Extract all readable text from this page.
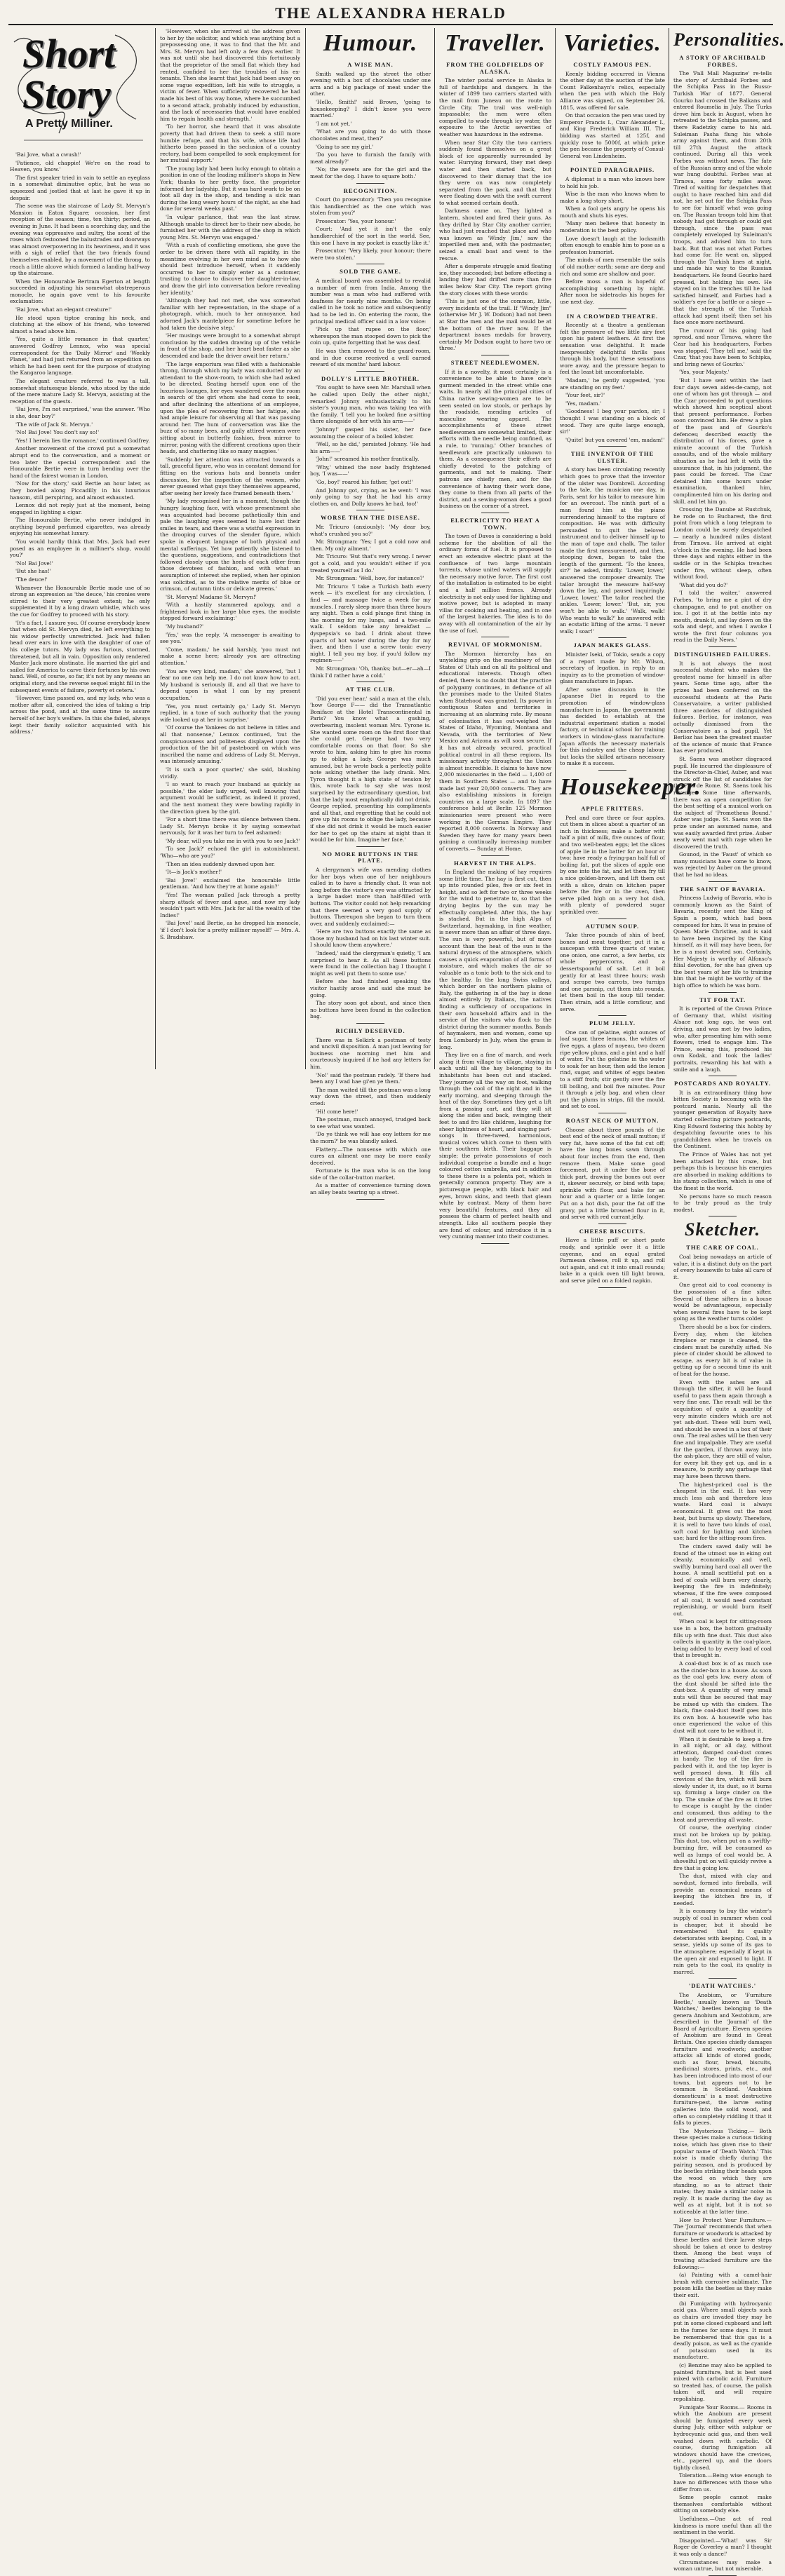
THE ALEXANDRA HERALD
Short Story
A Pretty Milliner.

'Bai Jove, what a cwush!'

'Patience, old chappie! We're on the road to Heaven, you know.'

The first speaker tried in vain to settle an eyeglass in a somewhat diminutive optic, but he was so squeezed and jostled that at last he gave it up in despair.

The scene was the staircase of Lady St. Mervyn's Mansion in Eaton Square; occasion, her first reception of the season; time, ten thirty; period, an evening in June. It had been a scorching day, and the evening was oppressive and sultry, the scent of the roses which festooned the balustrades and doorways was almost overpowering in its heaviness, and it was with a sigh of relief that the two friends found themselves enabled, by a movement of the throng, to reach a little alcove which formed a landing half-way up the staircase.

When the Honourable Bertram Egerton at length succeeded in adjusting his somewhat obstreperous monocle, he again gave vent to his favourite exclamation:

'Bai Jove, what an elegant creature!'

He stood upon tiptoe craning his neck, and clutching at the elbow of his friend, who towered almost a head above him.

'Yes, quite a little romance in that quarter,' answered Godfrey Lennox, who was special correspondent for the 'Daily Mirror' and 'Weekly Planet,' and had just returned from an expedition on which he had been sent for the purpose of studying the Kangaroo language.

The elegant creature referred to was a tall, somewhat statuesque blonde, who stood by the side of the mere mature Lady St. Mervyn, assisting at the reception of the guests.

'Bai Jove, I'm not surprised,' was the answer. 'Who is she, dear boy?'

'The wife of Jack St. Mervyn.'

'No! Bai Jove! You don't say so!'

'Yes! I herein lies the romance,' continued Godfrey.

Another movement of the crowd put a somewhat abrupt end to the conversation, and a moment or two later the special correspondent and the Honourable Bertie were in turn bending over the hand of the fairest woman in London.

'Now for the story,' said Bertie an hour later, as they bowled along Piccadilly in his luxurious hansom, still perspiring, and almost exhausted.

Lennox did not reply just at the moment, being engaged in lighting a cigar.

The Honourable Bertie, who never indulged in anything beyond perfumed cigarettes, was already enjoying his somewhat luxury.

'You would hardly think that Mrs. Jack had ever posed as an employee in a milliner's shop, would you?'

'No! Bai Jove!'

'But she has!'

'The deuce!'

Whenever the Honourable Bertie made use of so strong an expression as 'the deuce,' his cronies were stirred to their very greatest extent; he only supplemented it by a long drawn whistle, which was the cue for Godfrey to proceed with his story.

'It's a fact, I assure you. Of course everybody knew that when old St. Mervyn died, he left everything to his widow perfectly unrestricted. Jack had fallen head over ears in love with the daughter of one of his college tutors. My lady was furious, stormed, threatened, but all in vain. Opposition only rendered Master Jack more obstinate. He married the girl and sailed for America to carve their fortunes by his own hand. Well, of course, so far, it's not by any means an original story, and the reverse sequel might fill in the subsequent events of failure, poverty et cetera.'

'However, time passed on, and my lady, who was a mother after all, conceived the idea of taking a trip across the pond, and at the same time to assure herself of her boy's welfare. In this she failed, always kept their family solicitor acquainted with his address.'

'However, when she arrived at the address given to her by the solicitor, and which was anything but a prepossessing one, it was to find that the Mr. and Mrs. St. Mervyn had left only a few days earlier. It was not until she had discovered this fortuitously that the proprietor of the small flat which they had rented, confided to her the troubles of his ex-tenants. Then she learnt that Jack had been away on some vague expedition, left his wife to struggle, a victim of fever. When sufficiently recovered he had made his best of his way home, where he succumbed to a second attack, probably induced by exhaustion, and the lack of necessaries that would have enabled him to regain health and strength.'

'To her horror, she heard that it was absolute poverty that had driven them to seek a still more humble refuge, and that his wife, whose life had hitherto been passed in the seclusion of a country rectory, had been compelled to seek employment for her mutual support.'

'The young lady had been lucky enough to obtain a position in one of the leading milliner's shops in New York; thanks to her pretty face, the proprietor informed her ladyship. But it was hard work to be on foot all day in the shop, and tending a sick man during the long weary hours of the night, as she had done for several weeks past.'

'In vulgar parlance, that was the last straw. Although unable to direct her to their new abode, he furnished her with the address of the shop in which young Mrs. St. Mervyn was engaged.'

'With a rush of conflicting emotions, she gave the order to be driven there with all rapidity, in the meantime evolving in her own mind as to how she should best introduce herself, when it suddenly occurred to her to simply enter as a customer, trusting to chance to discover her daughter-in-law, and draw the girl into conversation before revealing her identity.'

'Although they had not met, she was somewhat familiar with her representation, in the shape of a photograph, which, much to her annoyance, had adorned Jack's mantelpiece for sometime before he had taken the decisive step.'

'Her musings were brought to a somewhat abrupt conclusion by the sudden drawing up of the vehicle in front of the shop, and her heart beat faster as she descended and bade the driver await her return.'

'The large emporium was filled with a fashionable throng, through which my lady was conducted by an attendant to the show-room, to which she had asked to be directed. Seating herself upon one of the luxurious lounges, her eyes wandered over the room in search of the girl whom she had come to seek, and after declining the attentions of an employee, upon the plea of recovering from her fatigue, she had ample leisure for observing all that was passing around her. The hum of conversation was like the buzz of so many bees, and gaily attired women were sitting about in butterfly fashion, from mirror to mirror, posing with the different creations upon their heads, and chattering like so many magpies.'

'Suddenly her attention was attracted towards a tall, graceful figure, who was in constant demand for fitting on the various hats and bonnets under discussion, for the inspection of the women, who never guessed what guys they themselves appeared, after seeing her lovely face framed beneath them.'

'My lady recognised her in a moment, though the hungry laughing face, with whose presentment she was acquainted had become pathetically thin and pale the laughing eyes seemed to have lost their smiles in tears, and there was a wistful expression in the drooping curves of the slender figure, which spoke in eloquent language of both physical and mental sufferings. Yet how patiently she listened to the questions, suggestions, and contradictions that followed closely upon the heels of each other from those devotees of fashion, and with what an assumption of interest she replied, when her opinion was solicited, as to the relative merits of blue or crimson, of autumn tints or delicate greens.'

'St. Mervyn! Madame St. Mervyn!'

'With a hastily stammered apology, and a frightened look in her large blue eyes, the modiste stepped forward exclaiming:'

'My husband?'

'Yes,' was the reply. 'A messenger is awaiting to see you.'

'Come, madam,' he said harshly, 'you must not make a scene here; already you are attracting attention.'

'You are very kind, madam,' she answered, 'but I fear no one can help me. I do not know how to act. My husband is seriously ill, and all that we have to depend upon is what I can by my present occupation.'

'Yes, you must certainly go,' Lady St. Mervyn replied, in a tone of such authority that the young wife looked up at her in surprise.'

'Of course the Yankees do not believe in titles and all that nonsense,' Lennox continued, 'but the conspicuousness and politeness displayed upon the production of the bit of pasteboard on which was inscribed the name and address of Lady St. Mervyn, was intensely amusing.'

'It is such a poor quarter,' she said, blushing vividly.

'I so want to reach your husband as quickly as possible,' the elder lady urged, well knowing that argument would be sufficient, as indeed it proved, and the next moment they were bowling rapidly in the direction given by the girl.

'For a short time there was silence between them. Lady St. Mervyn broke it by saying somewhat nervously, for it was her turn to feel ashamed:

'My dear, will you take me in with you to see Jack?'

'To see Jack?' echoed the girl in astonishment. 'Who—who are you?'

'Then an idea suddenly dawned upon her.

'It—is Jack's mother!'

'Bai Jove!' exclaimed the honourable little gentleman. 'And how they're at home again?'

'Yes! The woman pulled Jack through a pretty sharp attack of fever and ague, and now my lady wouldn't part with Mrs. Jack for all the wealth of the Indies!'

'Bai Jove!' said Bertie, as he dropped his monocle, 'if I don't look for a pretty milliner myself!' — Mrs. A. S. Bradshaw.

Humour.
A WISE MAN.

Smith walked up the street the other evening with a box of chocolates under one arm and a big package of meat under the other.

'Hello, Smith!' said Brown, 'going to housekeeping? I didn't know you were married.'

'I am not yet.'

'What are you going to do with those chocolates and meat, then?'

'Going to see my girl.'

'Do you have to furnish the family with meat already?'

'No; the sweets are for the girl and the meat for the dog. I have to square both.'

RECOGNITION.

Court (to prosecutor): 'Then you recognise this handkerchief as the one which was stolen from you?'

Prosecutor: 'Yes, your honour.'

Court: 'And yet it isn't the only handkerchief of the sort in the world. See, this one I have in my pocket is exactly like it.'

Prosecutor: 'Very likely, your honour; there were two stolen.'

SOLD THE GAME.

A medical board was assembled to revalid a number of men from India. Among the number was a man who had suffered with deafness for nearly nine months. On being called in he took no notice and subsequently had to be led in. On entering the room, the principal medical officer said in a low voice:

'Pick up that rupee on the floor,' whereupon the man stooped down to pick the coin up, quite forgetting that he was deaf.

He was then removed to the guard-room, and in due course received a well earned reward of six months' hard labour.

DOLLY'S LITTLE BROTHER.

'You ought to have seen Mr. Marshall when he called upon Dolly the other night,' remarked Johnny enthusiastically to his sister's young man, who was taking tea with the family. 'I tell you he looked fine a-sitting there alongside of her with his arm——'

'Johnny!' gasped his sister, her face assuming the colour of a boiled lobster.

'Well, so he did,' persisted Johnny. 'He had his arm——'

'John!' screamed his mother frantically.

'Why,' whined the now badly frightened boy, 'I was——'

'Go, boy!' roared his father, 'get out!'

And Johnny got, crying, as he went: 'I was only going to say that he had his army clothes on, and Dolly knows he had, too!'

WORSE THAN THE DISEASE.

Mr. Tricuro (anxiously): 'My dear boy, what's crushed you so?'

Mr. Strongman: 'Yes; I got a cold now and then. My only ailment.'

Mr. Tricuro: 'But that's very wrong. I never got a cold, and you wouldn't either if you treated yourself as I do.'

Mr. Strongman: 'Well, how, for instance?'

Mr. Tricuro: 'I take a Turkish bath every week — it's excellent for any circulation, I find — and massage twice a week for my muscles. I rarely sleep more than three hours any night. Then a cold plunge first thing in the morning for my lungs, and a two-mile walk. I seldom take any breakfast — dyspepsia's so bad. I drink about three quarts of hot water during the day for my liver, and then I use a screw tonic every night. I tell you my boy, if you'd follow my regimen——'

Mr. Strongman: 'Oh, thanks; but—er—ah—I think I'd rather have a cold.'

AT THE CLUB.

'Did you ever hear,' said a man at the club, 'how George F—— did the Transatlantic Boniface at the Hotel Transcontinental in Paris? You know what a gushing, overbearing, insolent woman Mrs. Tyrone is. She wanted some room on the first floor that she could get. George had two very comfortable rooms on that floor. So she wrote to him, asking him to give his rooms up to oblige a lady. George was much amused, but he wrote back a perfectly polite note asking whether the lady drank. Mrs. Tyron thought it a high state of tension by this, wrote back to say she was most surprised by the extraordinary question, but that the lady most emphatically did not drink. George replied, presenting his compliments and all that, and regretting that he could not give up his rooms to oblige the lady, because if she did not drink it would be much easier for her to get up the stairs at night than it would be for him. Imagine her face.'

NO MORE BUTTONS IN THE PLATE.

A clergyman's wife was mending clothes for her boys when one of her neighbours called in to have a friendly chat. It was not long before the visitor's eye was attracted by a large basket more than half-filled with buttons. The visitor could not help remarking that there seemed a very good supply of buttons. Thereupon she began to turn them over, and suddenly exclaimed:—

'Here are two buttons exactly the same as those my husband had on his last winter suit. I should know them anywhere.'

'Indeed,' said the clergyman's quietly, 'I am surprised to hear it. As all these buttons were found in the collection bag I thought I might as well put them to some use.'

Before she had finished speaking the visitor hastily arose and said she must be going.

The story soon got about, and since then no buttons have been found in the collection bag.

RICHLY DESERVED.

There was in Selkirk a postman of testy and uncivil disposition. A man just leaving for business one morning met him and courteously inquired if he had any letters for him.

'No!' said the postman rudely. 'If there had been any I wad hae gi'en ye them.'

The man waited till the postman was a long way down the street, and then suddenly cried:

'Hi! come here!'

The postman, much annoyed, trudged back to see what was wanted.

'Do ye think we will hae ony letters for me the morn?' he was blandly asked.

Flattery.—The nonsense with which one cures an ailment one may be more easily deceived.

Fortunate is the man who is on the long side of the collar-button market.

As a matter of convenience turning down an alley beats tearing up a street.

Traveller.
FROM THE GOLDFIELDS OF ALASKA.

The winter postal service in Alaska is full of hardships and dangers. In the winter of 1899 two carriers started with the mail from Juneau on the route to Circle City. The trail was well-nigh impassable; the men were often compelled to wade through icy water, the exposure to the Arctic severities of weather was hazardous in the extreme.

When near Star City the two carriers suddenly found themselves on a great block of ice apparently surrounded by water. Hurrying forward, they met deep water and then started back, but discovered to their dismay that the ice they were on was now completely separated from the pack, and that they were floating down with the swift current to what seemed certain death.

Darkness came on. They lighted a lantern, shouted and fired their guns. As they drifted by Star City another carrier, who had just reached that place and who was known as 'Windy Jim,' saw the imperilled men and, with the postmaster, seized a small boat and went to the rescue.

After a desperate struggle amid floating ice, they succeeded; but before effecting a landing they had drifted more than five miles below Star City. The report giving the story closes with these words:

'This is just one of the common, little, every incidents of the trail. If "Windy Jim" (otherwise Mr J. W. Dodson) had not been at Star the men and the mail would be at the bottom of the river now. If the department issues medals for bravery, certainly Mr Dodson ought to have two or three.'

STREET NEEDLEWOMEN.

If it is a novelty, it most certainly is a convenience to be able to have one's garment mended in the street while one waits. In nearly all the principal cities of China native sewing-women are to be seen seated on low stools, or perhaps by the roadside, mending articles of masculine wearing apparel. The accomplishments of these street needlewomen are somewhat limited, their efforts with the needle being confined, as a rule, to 'running.' Other branches of needlework are practically unknown to them. As a consequence their efforts are chiefly devoted to the patching of garments, and not to making. Their patrons are chiefly men, and for the convenience of having their work done, they come to them from all parts of the district, and a sewing-woman does a good business on the corner of a street.

ELECTRICITY TO HEAT A TOWN.

The town of Davos is considering a bold scheme for the abolition of all the ordinary forms of fuel. It is proposed to erect an extensive electric plant at the confluence of two large mountain torrents, whose united waters will supply the necessary motive force. The first cost of the installation is estimated to be eight and a half million francs. Already electricity is not only used for lighting and motive power, but is adopted in many villas for cooking and heating, and in one of the largest bakeries. The idea is to do away with all contamination of the air by the use of fuel.

REVIVAL OF MORMONISM.

The Mormon hierarchy has an unyielding grip on the machinery of the States of Utah and on all its political and educational interests. Though often denied, there is no doubt that the practice of polygamy continues, in defiance of all the promises made to the United States when Statehood was granted. Its power in contiguous States and territories is increasing at an alarming rate. By means of colonisation it has out-weighed the States of Idaho, Wyoming, Montana and Nevada, with the territories of New Mexico and Arizona as will soon secure. If it has not already secured, practical political control in all these regions. Its missionary activity throughout the Union is almost incredible. It claims to have now 2,000 missionaries in the field — 1,400 of them in Southern States — and to have made last year 20,000 converts. They are also establishing missions in foreign countries on a large scale. In 1897 the conference held at Berlin 125 Mormon missionaries were present who were working in the German Empire. They reported 8,000 converts. In Norway and Sweden they have for many years been gaining a continually increasing number of converts.— Sunday at Home.

HARVEST IN THE ALPS.

In England the making of hay requires some little time. The hay is first cut, then up into rounded piles, five or six feet in height, and so left for two or three weeks for the wind to penetrate to, so that the drying begins by the sun may be effectually completed. After this, the hay is stacked. But in the high Alps of Switzerland, haymaking, in fine weather, is never more than an affair of three days. The sun is very powerful, but of more account than the heat of the sun is the natural dryness of the atmosphere, which causes a quick evaporation of all forms of moisture, and which makes the air so valuable as a tonic both to the sick and to the healthy. In the long Swiss valleys, which border on the northern plains of Italy, the gathering in of the hay is done almost entirely by Italians, the natives finding a sufficiency of occupations in their own household affairs and in the service of the visitors who flock to the district during the summer months. Bands of haymakers, men and women, come up from Lombardy in July, when the grass is long.

They live on a fine of march, and work along it from village to village, staying in each until all the hay belonging to its inhabitants has been cut and stacked. They journey all the way on foot, walking through the cool of the night and in the early morning, and sleeping through the heat of the day. Sometimes they get a lift from a passing cart, and they will sit along the sides and back, swinging their feet to and fro like children, laughing for sheer lightness of heart, and singing part-songs in three-tweed, harmonious, musical voices which come to them with their southern birth. Their baggage is simple; the private possessions of each individual comprise a bundle and a huge coloured cotton umbrella, and in addition to these there is a polenta pot, which is generally common property. They are a picturesque people, with black hair and eyes, brown skins, and teeth that gleam white by contrast. Many of them have very beautiful features, and they all possess the charm of perfect health and strength. Like all southern people they are fond of colour, and introduce it in a very cunning manner into their costumes.

Varieties.
COSTLY FAMOUS PEN.

Keenly bidding occurred in Vienna the other day at the auction of the late Count Falkenhayn's relics, especially when the pen with which the Holy Alliance was signed, on September 26, 1815, was offered for sale.

On that occasion the pen was used by Emperor Francis I., Czar Alexander I., and King Frederick William III. The bidding was started at 125f, and quickly rose to 5000f, at which price the pen became the property of Consul-General von Lindenheim.

POINTED PARAGRAPHS.

A diplomat is a man who knows how to hold his job.

Wise is the man who knows when to make a long story short.

When a fool gets angry he opens his mouth and shuts his eyes.

'Many men believe that honesty in moderation is the best policy.

Love doesn't laugh at the locksmith often enough to enable him to pose as a profession humorist.

The minds of men resemble the soils of old mother earth; some are deep and rich and some are shallow and poor.

Before moss a man is hopeful of accomplishing something by night. After noon he sidetracks his hopes for use next day.

IN A CROWDED THEATRE.

Recently at a theatre a gentleman felt the pressure of two little airy feet upon his patent leathers. At first the sensation was delightful. It made inexpressibly delightful thrills pass through his body, but these sensations wore away, and the pressure began to feel the least bit uncomfortable.

'Madam,' he gently suggested, 'you are standing on my feet.'

'Your feet, sir?'

'Yes, madam.'

'Goodness! I beg your pardon, sir; I thought I was standing on a block of wood. They are quite large enough, sir!'

'Quite! but you covered 'em, madam!'

THE INVENTOR OF THE ULSTER.

A story has been circulating recently which goes to prove that the inventor of the ulster was Dombrell. According to the tale, the musician one day, in Paris, sent for his tailor to measure him for an overcoat. The ninth part of a man found him at the piano surrendering himself to the rapture of composition. He was with difficulty persuaded to quit the beloved instrument and to deliver himself up to the man of tape and chalk. The tailor made the first measurement, and then, stooping down, began to take the length of the garment. 'To the knees, sir?' he asked, timidly. 'Lower, lower,' answered the composer dreamily. The tailor brought the measure half-way down the leg, and paused inquiringly. 'Lower, lower.' The tailor reached the ankles. 'Lower, lower.' 'But, sir, you won't be able to walk.' 'Walk, walk! Who wants to walk?' he answered with an ecstatic lifting of the arms. 'I never walk; I soar!'

JAPAN MAKES GLASS.

Minister Iseki, of Tokio, sends a copy of a report made by Mr. Wilson, secretary of legation, in reply to an inquiry as to the promotion of window-glass manufacture in Japan.

After some discussion in the Japanese Diet in regard to the promotion of window-glass manufacture in Japan, the government has decided to establish at the industrial experiment station a model factory, or technical school for training workers in window-glass manufacture. Japan affords the necessary materials for this industry and the cheap labour, but lacks the skilled artisans necessary to make it a success.

Housekeeper.
APPLE FRITTERS.

Peel and core three or four apples, cut them in slices about a quarter of an inch in thickness; make a batter with half a pint of milk, five ounces of flour, and two well-beaten eggs; let the slices of apple lie in the batter for an hour or two; have ready a frying-pan half full of boiling fat, put the slices of apple one by one into the fat, and let them fry till a nice golden-brown, and lift them out with a slice, drain on kitchen paper before the fire or in the oven, then serve piled high on a very hot dish, with plenty of powdered sugar sprinkled over.

AUTUMN SOUP.

Take three pounds of shin of beef, bones and meat together, put it in a saucepan with three quarts of water, one onion, one carrot, a few herbs, six whole peppercorns, and a dessertspoonful of salt. Let it boil gently for at least three hours; wash and scrape two carrots, two turnips and one parsnip, cut them into rounds, let them boil in the soup till tender. Then strain, add a little cornflour, and serve.

PLUM JELLY.

One can of gelatine, eight ounces of loaf sugar, three lemons, the whites of five eggs, a glass of noyeau, two dozen ripe yellow plums, and a pint and a half of water. Put the gelatine in the water to soak for an hour, then add the lemon rind, sugar, and whites of eggs beaten to a stiff froth; stir gently over the fire till boiling, and boil five minutes. Pour it through a jelly bag, and when clear put the plums in strips, fill the mould, and set to cool.

ROAST NECK OF MUTTON.

Choose about three pounds of the best end of the neck of small mutton; if very fat, have some of the fat cut off; have the long bones sawn through about four inches from the end, then remove them. Make some good forcemeat, put it under the bone of thick part, drawing the bones out over it, skewer securely, or bind with tape; sprinkle with flour, and bake for an hour and a quarter or a little longer. Put on a hot dish, pour the fat off the gravy, put a little browned flour in it, and serve with red currant jelly.

CHEESE BISCUITS.

Have a little puff or short paste ready, and sprinkle over it a little cayenne, and an equal grated Parmesan cheese, roll it up, and roll out again, and cut it into small rounds; bake in a quick oven till light brown, and serve piled on a folded napkin.

Personalities.
A STORY OF ARCHIBALD FORBES.

The 'Pall Mall Magazine' re-tells the story of Archibald Forbes and the Schipka Pass in the Russo-Turkish War of 1877. General Gourko had crossed the Balkans and entered Roumelia in July. The Turks drove him back in August, when he retreated to the Schipka passes, and there Radetzky came to his aid. Suleiman Pasha flung his whole army against them, and from 20th till 27th August the attack continued. During all this week Forbes was without news. The fate of the Russian army and of the whole war hung doubtful. Forbes was at Tirnova, some forty miles away. Tired of waiting for despatches that ought to have reached him and did not, he set out for the Schipka Pass to see for himself what was going on. The Russian troops told him that nobody had got through or could get through, since the pass was completely enveloped by Suleiman's troops, and advised him to turn back. But that was not what Forbes had come for. He went on, slipped through the Turkish lines at night, and made his way to the Russian headquarters. He found Gourko hard pressed, but holding his own. He stayed on in the trenches till he had satisfied himself, and Forbes had a soldier's eye for a battle or a siege — that the strength of the Turkish attack had spent itself; then set his face once more northward.

The rumour of his going had spread, and near Tirnova, where the Czar had his headquarters, Forbes was stopped. 'They tell me,' said the Czar, 'that you have been to Schipka, and bring news of Gourko.'

'Yes, your Majesty.'

'But I have sent within the last four days seven aides-de-camp, not one of whom has got through — and the Czar proceeded to put questions which showed him sceptical about that present performance. Forbes soon convinced him. He drew a plan of the pass and of Gourko's defences; described exactly the distribution of his forces, gave a minute account of the Turkish assaults, and of the whole military situation as he had left it with the assurance that, in his judgment, the pass could be forced. The Czar detained him some hours under examination, thanked him, complimented him on his daring and skill, and let him go.

Crossing the Danube at Rustchuk, he rode on to Bucharest, the first point from which a long telegram to London could be surely despatched — nearly a hundred miles distant from Tirnova. He arrived at eight o'clock in the evening. He had been three days and nights either in the saddle or in the Schipka trenches under fire, without sleep, often without food.

'What did you do?'

'I told the waiter,' answered Forbes, 'to bring me a pint of dry champagne, and to put another on ice. I got it at the bottle into my mouth, drank it, and lay down on the sofa and slept, and when I awoke I wrote the first four columns you read in the Daily News.'

DISTINGUISHED FAILURES.

It is not always the most successful student who makes the greatest name for himself in after years. Some time ago, after the prizes had been conferred on the successful students at the Paris Conservatoire, a writer published three anecdotes of distinguished failures. Berlioz, for instance, was actually dismissed from the Conservatoire as a bad pupil. Yet Berlioz has been the greatest master of the science of music that France has ever produced.

St. Saens was another disgraced pupil. He incurred the displeasure of the Director-in-Chief, Auber, and was struck off the list of candidates for the Prix de Rome. St. Saens took his revenge. Some time afterwards, there was an open competition for the best setting of a musical work on the subject of 'Prometheus Bound.' Auber was judge. St. Saens won the prize under an assumed name, and was easily awarded first prize. Auber nearly went mad with rage when he discovered the truth.

Gounod, in the 'Faust' of which so many musicians have come to know, was rejected by Auber on the ground that he had no ideas.

THE SAINT OF BAVARIA.

Princess Ludwig of Bavaria, who is commonly known as the Saint of Bavaria, recently sent the King of Spain a poem, which had been composed for him. It was in praise of Queen Marie Christine, and is said to have been inspired by the King himself, as it will may have been, for he is a most devoted son. Certainly, Her Majesty is worthy of Alfonso's filial devotion, for she has given up the best years of her life to training him that he might be worthy of the high office to which he was born.

TIT FOR TAT.

It is reported of the Crown Prince of Germany that, whilst visiting Alsace not long ago, he was out driving, and was met by two ladies, who, after presenting him with some flowers, tried to engage him. The Prince, seeing this, produced his own Kodak, and took the ladies' portraits, rewarding his hat with a smile and a laugh.

POSTCARDS AND ROYALTY.

It is an extraordinary thing how bitten Society is becoming with the postcard mania. Nearly all the younger generation of Royalty have started collecting picture postcards, King Edward fostering this hobby by despatching favourite ones to his grandchildren when he travels on the Continent.

The Prince of Wales has not yet been attacked by this craze, but perhaps this is because his energies are absorbed in making additions to his stamp collection, which is one of the finest in the world.

No persons have so much reason to be truly proud as the truly modest.

Sketcher.
THE CARE OF COAL.

Coal being nowadays an article of value, it is a distinct duty on the part of every housewife to take all care of it.

One great aid to coal economy is the possession of a fine sifter. Several of these sifters in a house would be advantageous, especially when several fires have to be kept going as the weather turns colder.

There should be a box for cinders. Every day, when the kitchen fireplace or range is cleaned, the cinders must be carefully sifted. No piece of cinder should be allowed to escape, as every bit is of value in getting up for a second time its unit of heat for the house.

Even with the ashes are all through the sifter, it will be found useful to pass them again through a very fine one. The result will be the acquisition of quite a quantity of very minute cinders which are not yet ash-dust. These will burn well, and should be saved in a box of their own. The real ashes will be then very fine and impalpable. They are useful for the garden, if thrown away into the ash-place, they are still of value, for every bit they get up, and in a measure, to purify any garbage that may have been thrown there.

The highest-priced coal is the cheapest in the end. It has very much less ash and therefore less waste. Hard coal is always economical. It gives out the most heat, but burns up slowly. Therefore, it is well to have two kinds of coal, soft coal for lighting and kitchen use; hard for the sitting-room fires.

The cinders saved daily will be found of the utmost use in eking out cleanly, economically and well, swiftly burning hard coal all over the house. A small scuttleful put on a bed of coals will burn very clearly, keeping the fire in indefinitely; whereas, if the fire were composed of all coal, it would need constant replenishing, or would burn itself out.

When coal is kept for sitting-room use in a box, the bottom gradually fills up with fine dust. This dust also collects in quantity in the coal-place, being added to by every load of coal that is brought in.

A coal-dust box is of as much use as the cinder-box in a house. As soon as the coal gets low, every atom of the dust should be sifted into the dust-box. A quantity of very small nuts will thus be secured that may be mixed up with the cinders. The black, fine coal-dust itself goes into its own box. A housewife who has once experienced the value of this dust will not care to be without it.

When it is desirable to keep a fire in all night, or all day, without attention, damped coal-dust comes in handy. The top of the fire is packed with it, and the top layer is well pressed down. It fills all crevices of the fire, which will burn slowly under it, its dust, so it burns up, forming a large cinder on the top. The smoke of the fire as it tries to escape is caught by the cinder and consumed, thus adding to the heat and preventing all waste.

Of course, the overlying cinder must not be broken up by poking. This dust, too, when put on a swiftly-burning fire, will be consumed as well as lumps of coal would be. A shovelful put on will quickly revive a fire that is going low.

The dust, mixed with clay and sawdust, formed into fireballs, will provide an economical means of keeping the kitchen fire in, if needed.

It is economy to buy the winter's supply of coal in summer when coal is cheaper, but it should be remembered that its quality deteriorates with keeping. Coal, in a sense, yields up some of its gas to the atmosphere; especially if kept in the open air and exposed to light. If rain gets to the coal, its quality is marred.

'DEATH WATCHES.'

The Anobium, or 'Furniture Beetle,' usually known as 'Death Watches,' beetles belonging to the genera Anobium and Xestobium, are described in the 'Journal' of the Board of Agriculture. Eleven species of Anobium are found in Great Britain. One species chiefly damages furniture and woodwork; another attacks all kinds of stored goods, such as flour, bread, biscuits, medicinal stores, prints, etc., and has been introduced into most of our towns, but appears not to be common in Scotland. 'Anobium domesticum' is a most destructive furniture-pest, the larvæ eating galleries into the solid wood, and often so completely riddling it that it falls to pieces.

The Mysterious Ticking.— Both these species make a curious ticking noise, which has given rise to their popular name of 'Death Watch.' This noise is made chiefly during the pairing season, and is produced by the beetles striking their heads upon the wood on which they are standing, so as to attract their mates; they make a similar noise in reply. It is made during the day as well as at night, but it is not so noticeable at the latter time.

How to Protect Your Furniture.— The 'Journal' recommends that when furniture or woodwork is attacked by these beetles and their larvæ steps should be taken at once to destroy them. Among the best ways of treating attacked furniture are the following:—

(a) Painting with a camel-hair brush with corrosive sublimate. The poison kills the beetles as they make their exit.

(b) Fumigating with hydrocyanic acid gas. Where small objects such as chairs are invaded they may be put in some closed cupboard and left in the fumes for some days. It must be remembered that this gas is a deadly poison, as well as the cyanide of potassium used in its manufacture.

(c) Benzine may also be applied to painted furniture, but is best used mixed with carbolic acid. Furniture so treated has, of course, the polish taken off, and will require repolishing.

Fumigate Your Rooms.— Rooms in which the Anobium are present should be fumigated every week during July, either with sulphur or hydrocyanic acid gas, and then well washed down with carbolic. Of course, during fumigation all windows should have the crevices, etc., papered up, and the doors tightly closed.

Toleration.—Being wise enough to have no differences with those who differ from us.

Some people cannot make themselves comfortable without sitting on somebody else.

Usefulness.—One act of real kindness is more useful than all the sentiment in the world.

Disappointed.—'What! was Sir Roger de Coverley a man? I thought it was only a dance!'

Circumstances may make a woman untrue, but not miserable.
